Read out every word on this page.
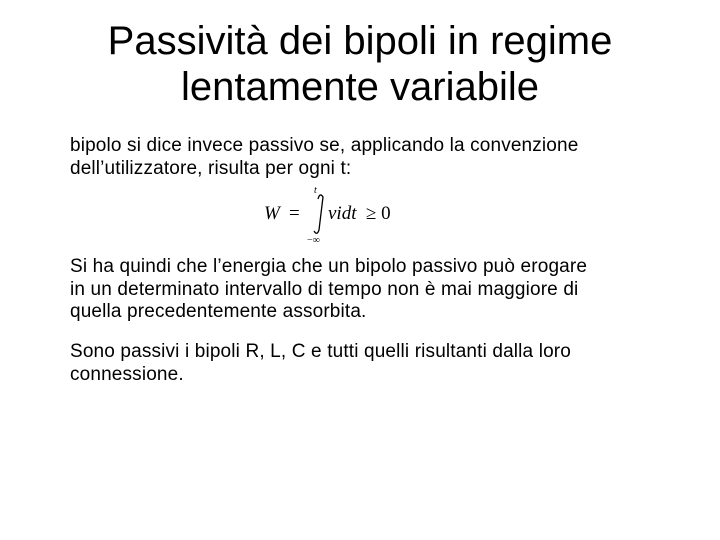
Passività dei bipoli in regime
lentamente variabile
bipolo si dice invece passivo se, applicando la convenzione
dell’utilizzatore, risulta per ogni t:
W =
t
−∞
vidt ≥ 0
Si ha quindi che l’energia che un bipolo passivo può erogare
in un determinato intervallo di tempo non è mai maggiore di
quella precedentemente assorbita.
Sono passivi i bipoli R, L, C e tutti quelli risultanti dalla loro
connessione.
